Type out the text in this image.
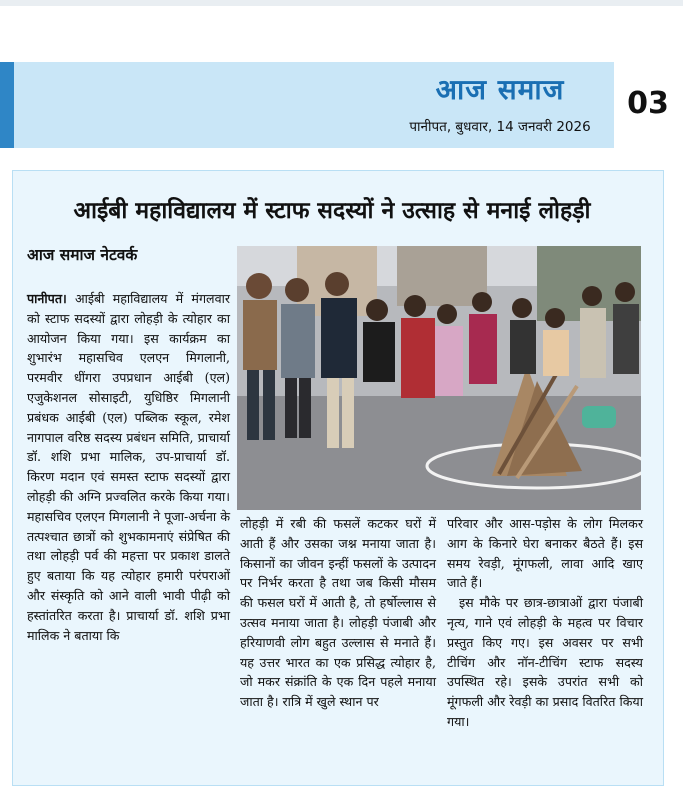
आज समाज
पानीपत, बुधवार, 14 जनवरी 2026
03
आईबी महाविद्यालय में स्टाफ सदस्यों ने उत्साह से मनाई लोहड़ी
आज समाज नेटवर्क

पानीपत। आईबी महाविद्यालय में मंगलवार को स्टाफ सदस्यों द्वारा लोहड़ी के त्योहार का आयोजन किया गया। इस कार्यक्रम का शुभारंभ महासचिव एलएन मिगलानी, परमवीर धींगरा उपप्रधान आईबी (एल) एजुकेशनल सोसाइटी, युधिष्ठिर मिगलानी प्रबंधक आईबी (एल) पब्लिक स्कूल, रमेश नागपाल वरिष्ठ सदस्य प्रबंधन समिति, प्राचार्या डॉ. शशि प्रभा मालिक, उप-प्राचार्या डॉ. किरण मदान एवं समस्त स्टाफ सदस्यों द्वारा लोहड़ी की अग्नि प्रज्वलित करके किया गया। महासचिव एलएन मिगलानी ने पूजा-अर्चना के तत्पश्चात छात्रों को शुभकामनाएं संप्रेषित की तथा लोहड़ी पर्व की महत्ता पर प्रकाश डालते हुए बताया कि यह त्योहार हमारी परंपराओं और संस्कृति को आने वाली भावी पीढ़ी को हस्तांतरित करता है। प्राचार्या डॉ. शशि प्रभा मालिक ने बताया कि

लोहड़ी में रबी की फसलें कटकर घरों में आती हैं और उसका जश्न मनाया जाता है। किसानों का जीवन इन्हीं फसलों के उत्पादन पर निर्भर करता है तथा जब किसी मौसम की फसल घरों में आती है, तो हर्षोल्लास से उत्सव मनाया जाता है। लोहड़ी पंजाबी और हरियाणवी लोग बहुत उल्लास से मनाते हैं। यह उत्तर भारत का एक प्रसिद्ध त्योहार है, जो मकर संक्रांति के एक दिन पहले मनाया जाता है। रात्रि में खुले स्थान पर

परिवार और आस-पड़ोस के लोग मिलकर आग के किनारे घेरा बनाकर बैठते हैं। इस समय रेवड़ी, मूंगफली, लावा आदि खाए जाते हैं।

इस मौके पर छात्र-छात्राओं द्वारा पंजाबी नृत्य, गाने एवं लोहड़ी के महत्व पर विचार प्रस्तुत किए गए। इस अवसर पर सभी टीचिंग और नॉन-टीचिंग स्टाफ सदस्य उपस्थित रहे। इसके उपरांत सभी को मूंगफली और रेवड़ी का प्रसाद वितरित किया गया।
